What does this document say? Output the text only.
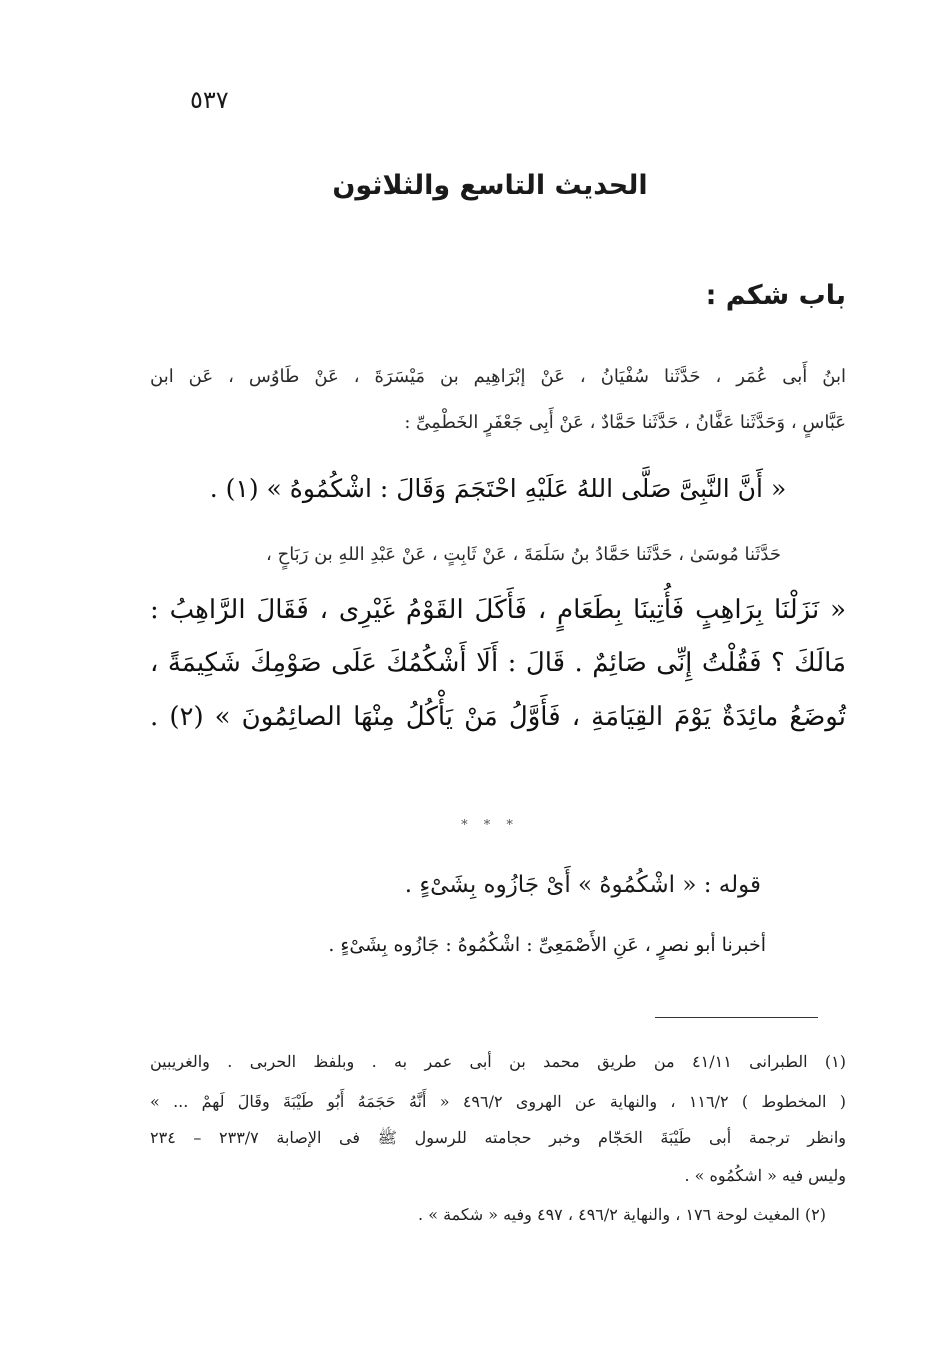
٥٣٧
الحديث التاسع والثلاثون
باب شكم :
ابنُ أَبى عُمَر ، حَدَّثَنا سُفْيَانُ ، عَنْ إبْرَاهِيم بن مَيْسَرَةَ ، عَنْ طَاوُس ، عَن ابن
عَبَّاسٍ ، وَحَدَّثَنا عَفَّانُ ، حَدَّثَنا حَمَّادٌ ، عَنْ أَبِى جَعْفَرٍ الخَطْمِىِّ :
« أَنَّ النَّبِىَّ صَلَّى اللهُ عَلَيْهِ احْتَجَمَ وَقَالَ : اشْكُمُوهُ » (١) .
حَدَّثَنا مُوسَىٰ ، حَدَّثَنا حَمَّادُ بنُ سَلَمَةَ ، عَنْ ثَابِتٍ ، عَنْ عَبْدِ اللهِ بن رَبَاحٍ ،
« نَزَلْنَا بِرَاهِبٍ فَأُتِينَا بِطَعَامٍ ، فَأَكَلَ القَوْمُ غَيْرِى ، فَقَالَ الرَّاهِبُ :
مَالَكَ ؟ فَقُلْتُ إِنِّى صَائِمٌ . قَالَ : أَلَا أَشْكُمُكَ عَلَى صَوْمِكَ شَكِيمَةً ،
تُوضَعُ مائِدَةٌ يَوْمَ القِيَامَةِ ، فَأَوَّلُ مَنْ يَأْكُلُ مِنْهَا الصائِمُونَ » (٢) .
* * *
قوله : « اشْكُمُوهُ » أَىْ جَازُوه بِشَىْءٍ .
أخبرنا أبو نصرٍ ، عَنِ الأَصْمَعِىِّ : اشْكُمُوهُ : جَازُوه بِشَىْءٍ .
(١) الطبرانى ٤١/١١ من طريق محمد بن أبى عمر به . وبلفظ الحربى . والغريبين
( المخطوط ) ١١٦/٢ ، والنهاية عن الهروى ٤٩٦/٢ « أَنَّهُ حَجَمَهُ أَبُو طَيْبَةَ وقَالَ لَهمْ ... »
وانظر ترجمة أبى طَيْبَةَ الحَجّام وخبر حجامته للرسول ﷺ فى الإصابة ٢٣٣/٧ – ٢٣٤
وليس فيه « اشكُمُوه » .
(٢) المغيث لوحة ١٧٦ ، والنهاية ٤٩٦/٢ ، ٤٩٧ وفيه « شكمة » .
